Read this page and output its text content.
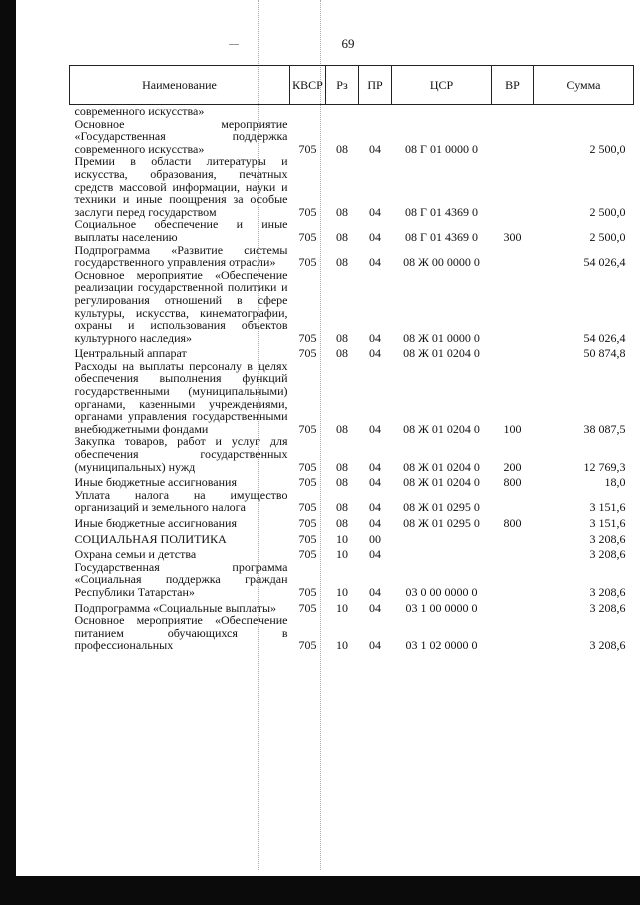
69
Наименование	КВСР	Рз	ПР	ЦСР	ВР	Сумма
современного искусства»						
Основное мероприятие «Государственная поддержка современного искусства»	705	08	04	08 Г 01 0000 0		2 500,0
Премии в области литературы и искусства, образования, печатных средств массовой информации, науки и техники и иные поощрения за особые заслуги перед государством	705	08	04	08 Г 01 4369 0		2 500,0
Социальное обеспечение и иные выплаты населению	705	08	04	08 Г 01 4369 0	300	2 500,0
Подпрограмма «Развитие системы государственного управления отрасли»	705	08	04	08 Ж 00 0000 0		54 026,4
Основное мероприятие «Обеспечение реализации государственной политики и регулирования отношений в сфере культуры, искусства, кинематографии, охраны и использования объектов культурного наследия»	705	08	04	08 Ж 01 0000 0		54 026,4
Центральный аппарат	705	08	04	08 Ж 01 0204 0		50 874,8
Расходы на выплаты персоналу в целях обеспечения выполнения функций государственными (муниципальными) органами, казенными учреждениями, органами управления государственными внебюджетными фондами	705	08	04	08 Ж 01 0204 0	100	38 087,5
Закупка товаров, работ и услуг для обеспечения государственных (муниципальных) нужд	705	08	04	08 Ж 01 0204 0	200	12 769,3
Иные бюджетные ассигнования	705	08	04	08 Ж 01 0204 0	800	18,0
Уплата налога на имущество организаций и земельного налога	705	08	04	08 Ж 01 0295 0		3 151,6
Иные бюджетные ассигнования	705	08	04	08 Ж 01 0295 0	800	3 151,6
СОЦИАЛЬНАЯ ПОЛИТИКА	705	10	00			3 208,6
Охрана семьи и детства	705	10	04			3 208,6
Государственная программа «Социальная поддержка граждан Республики Татарстан»	705	10	04	03 0 00 0000 0		3 208,6
Подпрограмма «Социальные выплаты»	705	10	04	03 1 00 0000 0		3 208,6
Основное мероприятие «Обеспечение питанием обучающихся в профессиональных	705	10	04	03 1 02 0000 0		3 208,6
